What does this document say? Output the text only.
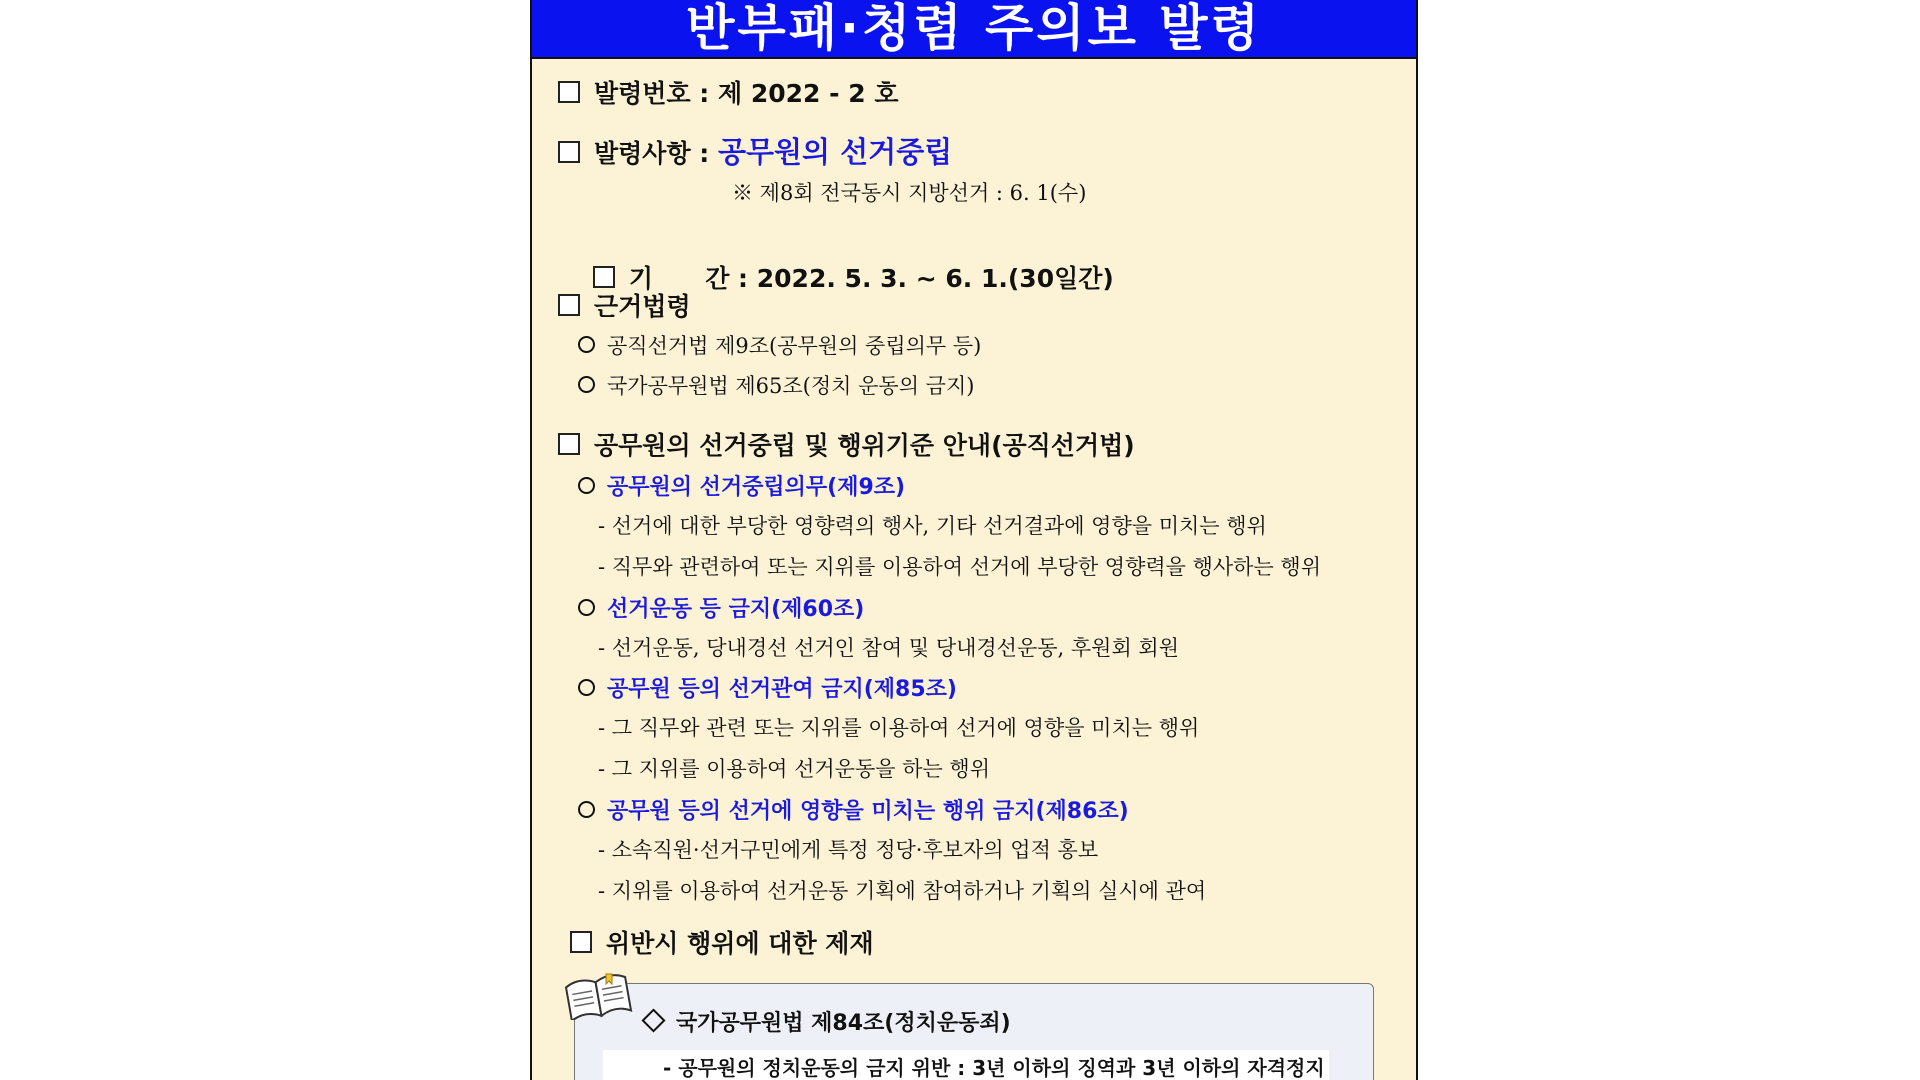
반부패·청렴 주의보 발령
발령번호 : 제 2022 - 2 호
발령사항 : 공무원의 선거중립
※ 제8회 전국동시 지방선거 : 6. 1(수)

기      간 : 2022. 5. 3. ~ 6. 1.(30일간)

근거법령
공직선거법 제9조(공무원의 중립의무 등)
국가공무원법 제65조(정치 운동의 금지)
공무원의 선거중립 및 행위기준 안내(공직선거법)
공무원의 선거중립의무(제9조)
- 선거에 대한 부당한 영향력의 행사, 기타 선거결과에 영향을 미치는 행위
- 직무와 관련하여 또는 지위를 이용하여 선거에 부당한 영향력을 행사하는 행위
선거운동 등 금지(제60조)
- 선거운동, 당내경선 선거인 참여 및 당내경선운동, 후원회 회원
공무원 등의 선거관여 금지(제85조)
- 그 직무와 관련 또는 지위를 이용하여 선거에 영향을 미치는 행위
- 그 지위를 이용하여 선거운동을 하는 행위
공무원 등의 선거에 영향을 미치는 행위 금지(제86조)
- 소속직원·선거구민에게 특정 정당·후보자의 업적 홍보
- 지위를 이용하여 선거운동 기획에 참여하거나 기획의 실시에 관여
위반시 행위에 대한 제재
국가공무원법 제84조(정치운동죄)
- 공무원의 정치운동의 금지 위반 : 3년 이하의 징역과 3년 이하의 자격정지
